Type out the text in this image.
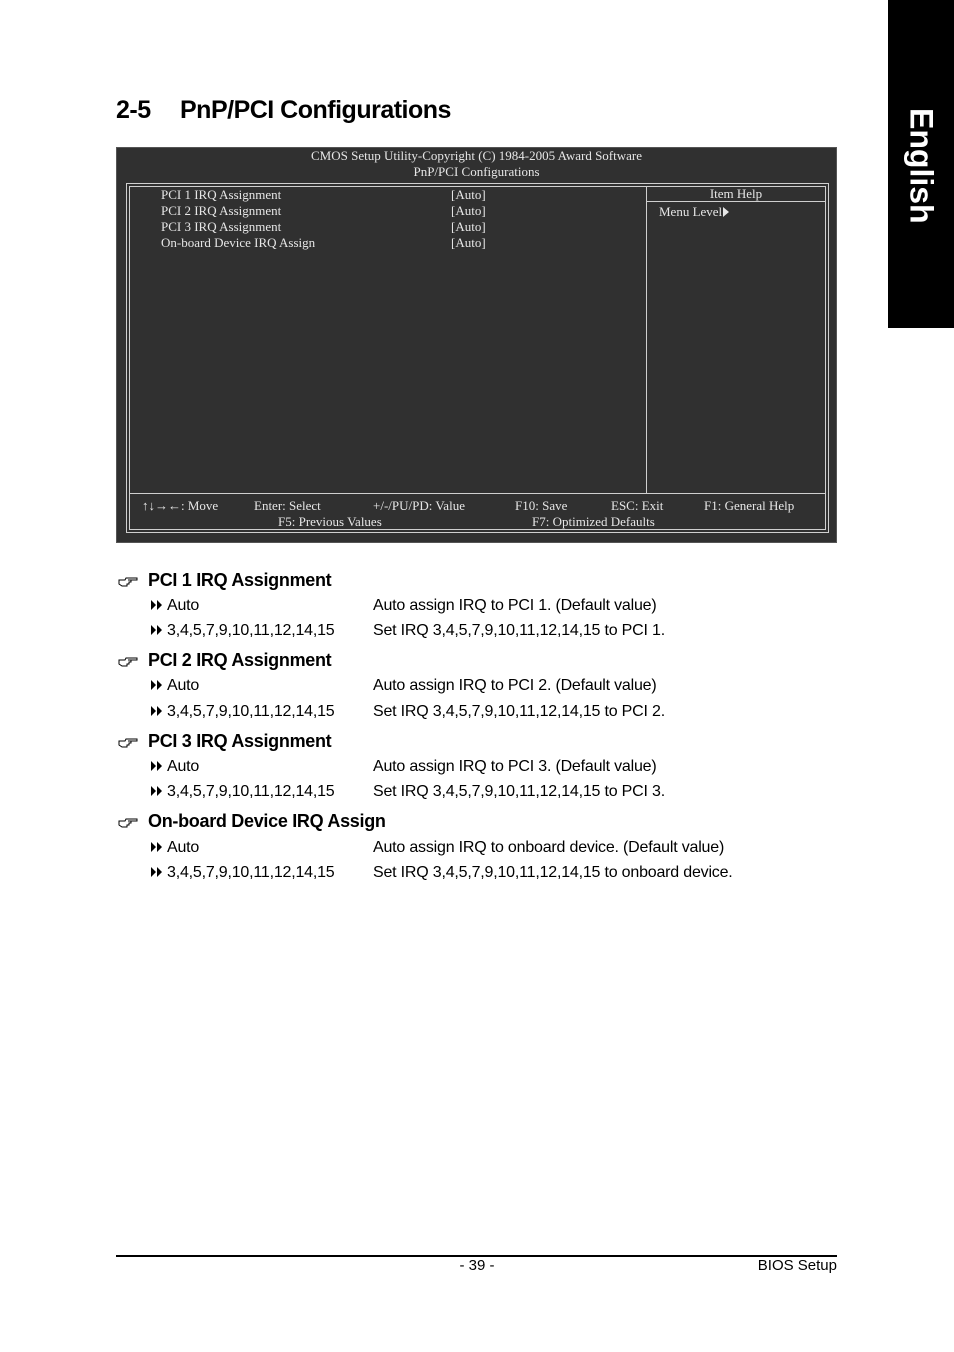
English
2-5	PnP/PCI Configurations
CMOS Setup Utility-Copyright (C) 1984-2005 Award Software
PnP/PCI Configurations
PCI 1 IRQ Assignment	[Auto]
PCI 2 IRQ Assignment	[Auto]
PCI 3 IRQ Assignment	[Auto]
On-board Device IRQ Assign	[Auto]
Item Help
Menu Level
↑↓→←: Move	Enter: Select	+/-/PU/PD: Value	F10: Save	ESC: Exit	F1: General Help
F5: Previous Values	F7: Optimized Defaults
PCI 1 IRQ Assignment
Auto	Auto assign IRQ to PCI 1. (Default value)
3,4,5,7,9,10,11,12,14,15 Set IRQ 3,4,5,7,9,10,11,12,14,15 to PCI 1.
PCI 2 IRQ Assignment
Auto	Auto assign IRQ to PCI 2. (Default value)
3,4,5,7,9,10,11,12,14,15 Set IRQ 3,4,5,7,9,10,11,12,14,15 to PCI 2.
PCI 3 IRQ Assignment
Auto	Auto assign IRQ to PCI 3. (Default value)
3,4,5,7,9,10,11,12,14,15 Set IRQ 3,4,5,7,9,10,11,12,14,15 to PCI 3.
On-board Device IRQ Assign
Auto	Auto assign IRQ to onboard device. (Default value)
3,4,5,7,9,10,11,12,14,15 Set IRQ 3,4,5,7,9,10,11,12,14,15 to onboard device.
- 39 -	BIOS Setup
